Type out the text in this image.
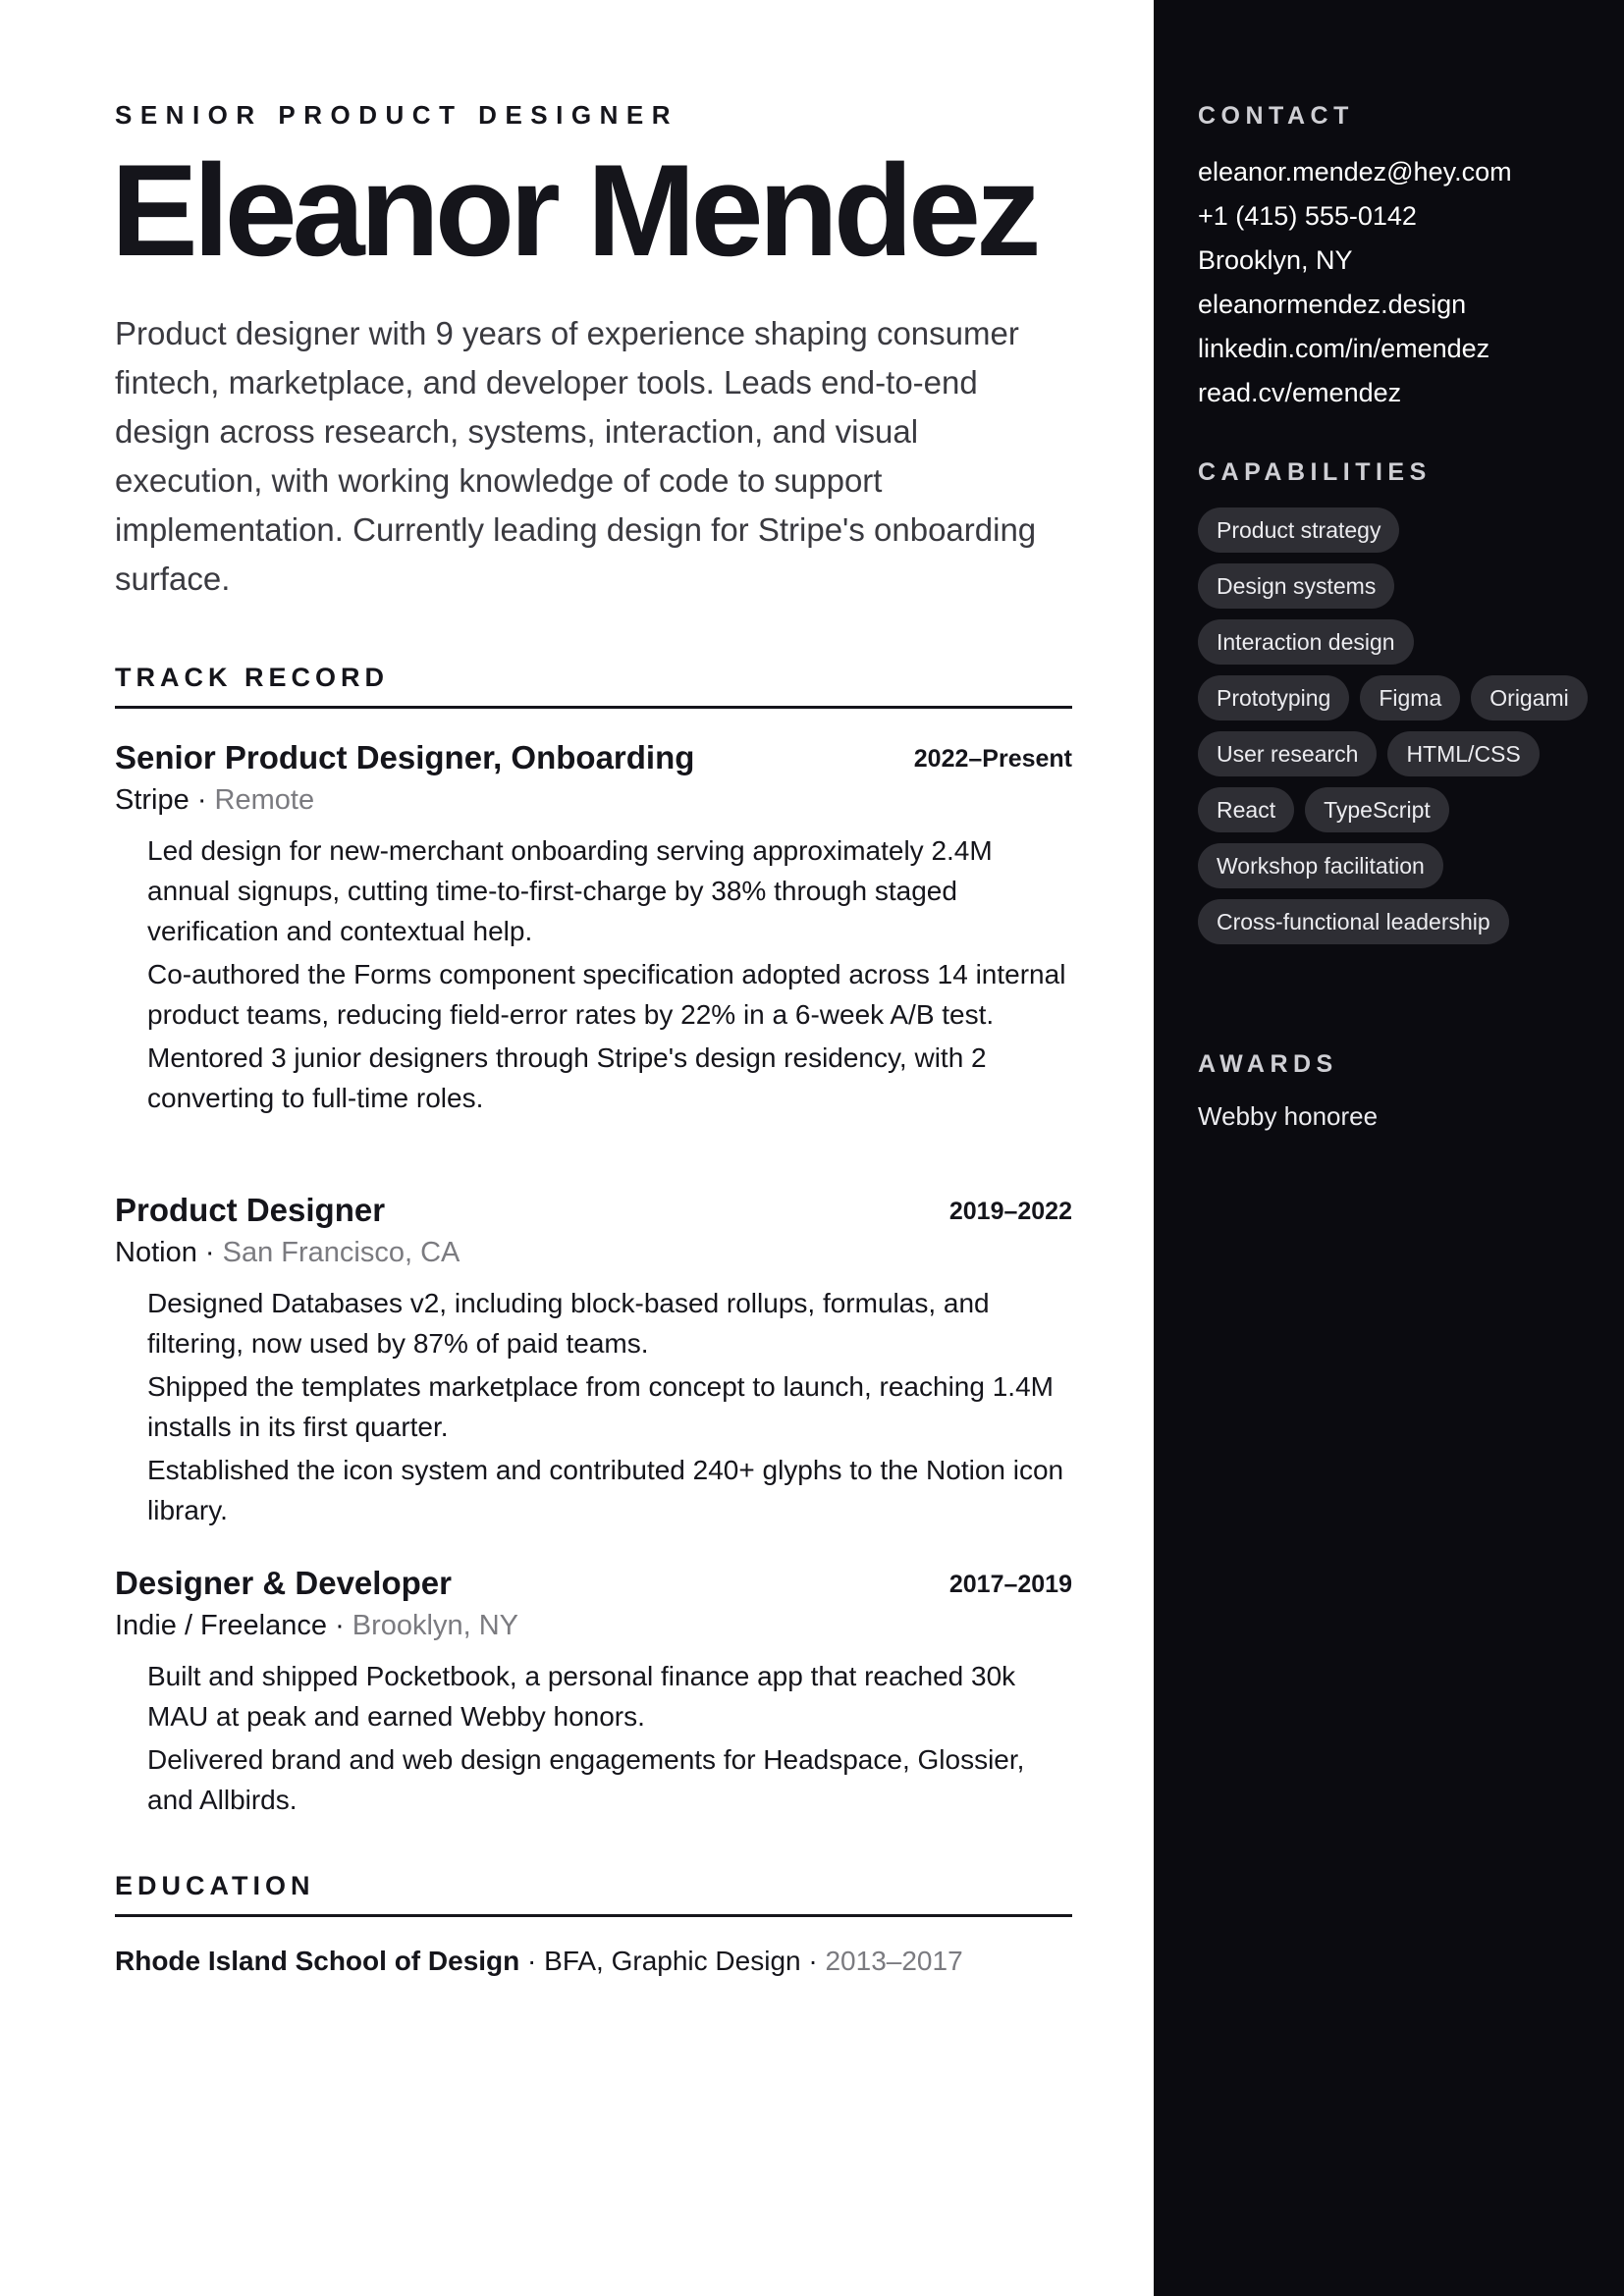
SENIOR PRODUCT DESIGNER
Eleanor Mendez
Product designer with 9 years of experience shaping consumer fintech, marketplace, and developer tools. Leads end-to-end design across research, systems, interaction, and visual execution, with working knowledge of code to support implementation. Currently leading design for Stripe's onboarding surface.
TRACK RECORD
Senior Product Designer, Onboarding	2022–Present
Stripe · Remote
Led design for new-merchant onboarding serving approximately 2.4M annual signups, cutting time-to-first-charge by 38% through staged verification and contextual help.
Co-authored the Forms component specification adopted across 14 internal product teams, reducing field-error rates by 22% in a 6-week A/B test.
Mentored 3 junior designers through Stripe's design residency, with 2 converting to full-time roles.
Product Designer	2019–2022
Notion · San Francisco, CA
Designed Databases v2, including block-based rollups, formulas, and filtering, now used by 87% of paid teams.
Shipped the templates marketplace from concept to launch, reaching 1.4M installs in its first quarter.
Established the icon system and contributed 240+ glyphs to the Notion icon library.
Designer & Developer	2017–2019
Indie / Freelance · Brooklyn, NY
Built and shipped Pocketbook, a personal finance app that reached 30k MAU at peak and earned Webby honors.
Delivered brand and web design engagements for Headspace, Glossier, and Allbirds.
EDUCATION
Rhode Island School of Design · BFA, Graphic Design · 2013–2017
CONTACT
eleanor.mendez@hey.com
+1 (415) 555-0142
Brooklyn, NY
eleanormendez.design
linkedin.com/in/emendez
read.cv/emendez
CAPABILITIES
Product strategy
Design systems
Interaction design
Prototyping	Figma	Origami
User research	HTML/CSS
React	TypeScript
Workshop facilitation
Cross-functional leadership
AWARDS
Webby honoree
